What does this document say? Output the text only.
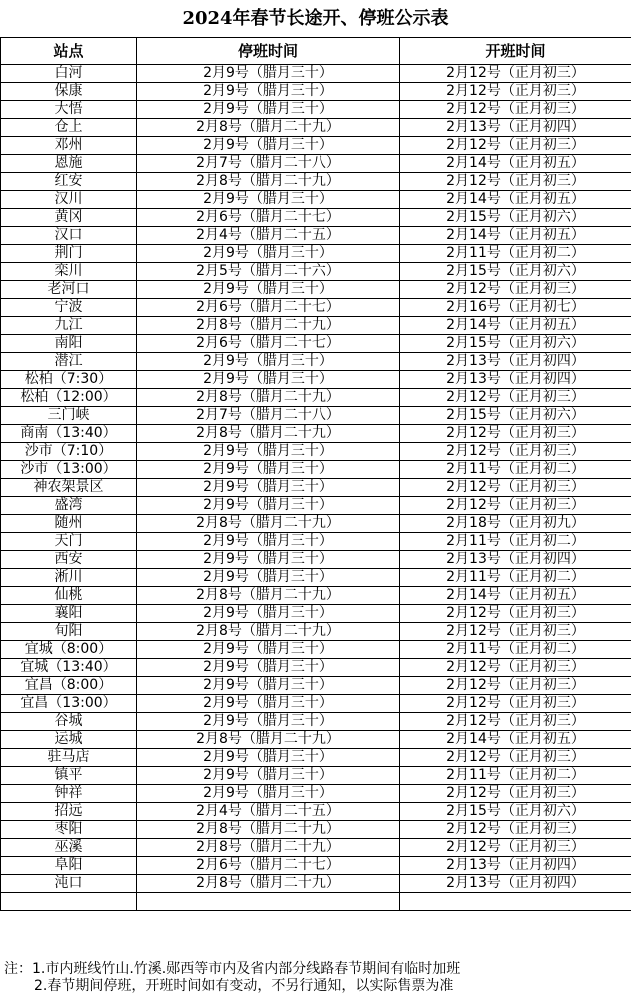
2024年春节长途开、停班公示表
站点	停班时间	开班时间
白河	2月9号（腊月三十）	2月12号（正月初三）
保康	2月9号（腊月三十）	2月12号（正月初三）
大悟	2月9号（腊月三十）	2月12号（正月初三）
仓上	2月8号（腊月二十九）	2月13号（正月初四）
邓州	2月9号（腊月三十）	2月12号（正月初三）
恩施	2月7号（腊月二十八）	2月14号（正月初五）
红安	2月8号（腊月二十九）	2月12号（正月初三）
汉川	2月9号（腊月三十）	2月14号（正月初五）
黄冈	2月6号（腊月二十七）	2月15号（正月初六）
汉口	2月4号（腊月二十五）	2月14号（正月初五）
荆门	2月9号（腊月三十）	2月11号（正月初二）
栾川	2月5号（腊月二十六）	2月15号（正月初六）
老河口	2月9号（腊月三十）	2月12号（正月初三）
宁波	2月6号（腊月二十七）	2月16号（正月初七）
九江	2月8号（腊月二十九）	2月14号（正月初五）
南阳	2月6号（腊月二十七）	2月15号（正月初六）
潜江	2月9号（腊月三十）	2月13号（正月初四）
松柏（7:30）	2月9号（腊月三十）	2月13号（正月初四）
松柏（12:00）	2月8号（腊月二十九）	2月12号（正月初三）
三门峡	2月7号（腊月二十八）	2月15号（正月初六）
商南（13:40）	2月8号（腊月二十九）	2月12号（正月初三）
沙市（7:10）	2月9号（腊月三十）	2月12号（正月初三）
沙市（13:00）	2月9号（腊月三十）	2月11号（正月初二）
神农架景区	2月9号（腊月三十）	2月12号（正月初三）
盛湾	2月9号（腊月三十）	2月12号（正月初三）
随州	2月8号（腊月二十九）	2月18号（正月初九）
天门	2月9号（腊月三十）	2月11号（正月初二）
西安	2月9号（腊月三十）	2月13号（正月初四）
淅川	2月9号（腊月三十）	2月11号（正月初二）
仙桃	2月8号（腊月二十九）	2月14号（正月初五）
襄阳	2月9号（腊月三十）	2月12号（正月初三）
旬阳	2月8号（腊月二十九）	2月12号（正月初三）
宜城（8:00）	2月9号（腊月三十）	2月11号（正月初二）
宜城（13:40）	2月9号（腊月三十）	2月12号（正月初三）
宜昌（8:00）	2月9号（腊月三十）	2月12号（正月初三）
宜昌（13:00）	2月9号（腊月三十）	2月12号（正月初三）
谷城	2月9号（腊月三十）	2月12号（正月初三）
运城	2月8号（腊月二十九）	2月14号（正月初五）
驻马店	2月9号（腊月三十）	2月12号（正月初三）
镇平	2月9号（腊月三十）	2月11号（正月初二）
钟祥	2月9号（腊月三十）	2月12号（正月初三）
招远	2月4号（腊月二十五）	2月15号（正月初六）
枣阳	2月8号（腊月二十九）	2月12号（正月初三）
巫溪	2月8号（腊月二十九）	2月12号（正月初三）
阜阳	2月6号（腊月二十七）	2月13号（正月初四）
沌口	2月8号（腊月二十九）	2月13号（正月初四）

注：1.市内班线竹山.竹溪.郧西等市内及省内部分线路春节期间有临时加班
2.春节期间停班，开班时间如有变动，不另行通知，以实际售票为准
